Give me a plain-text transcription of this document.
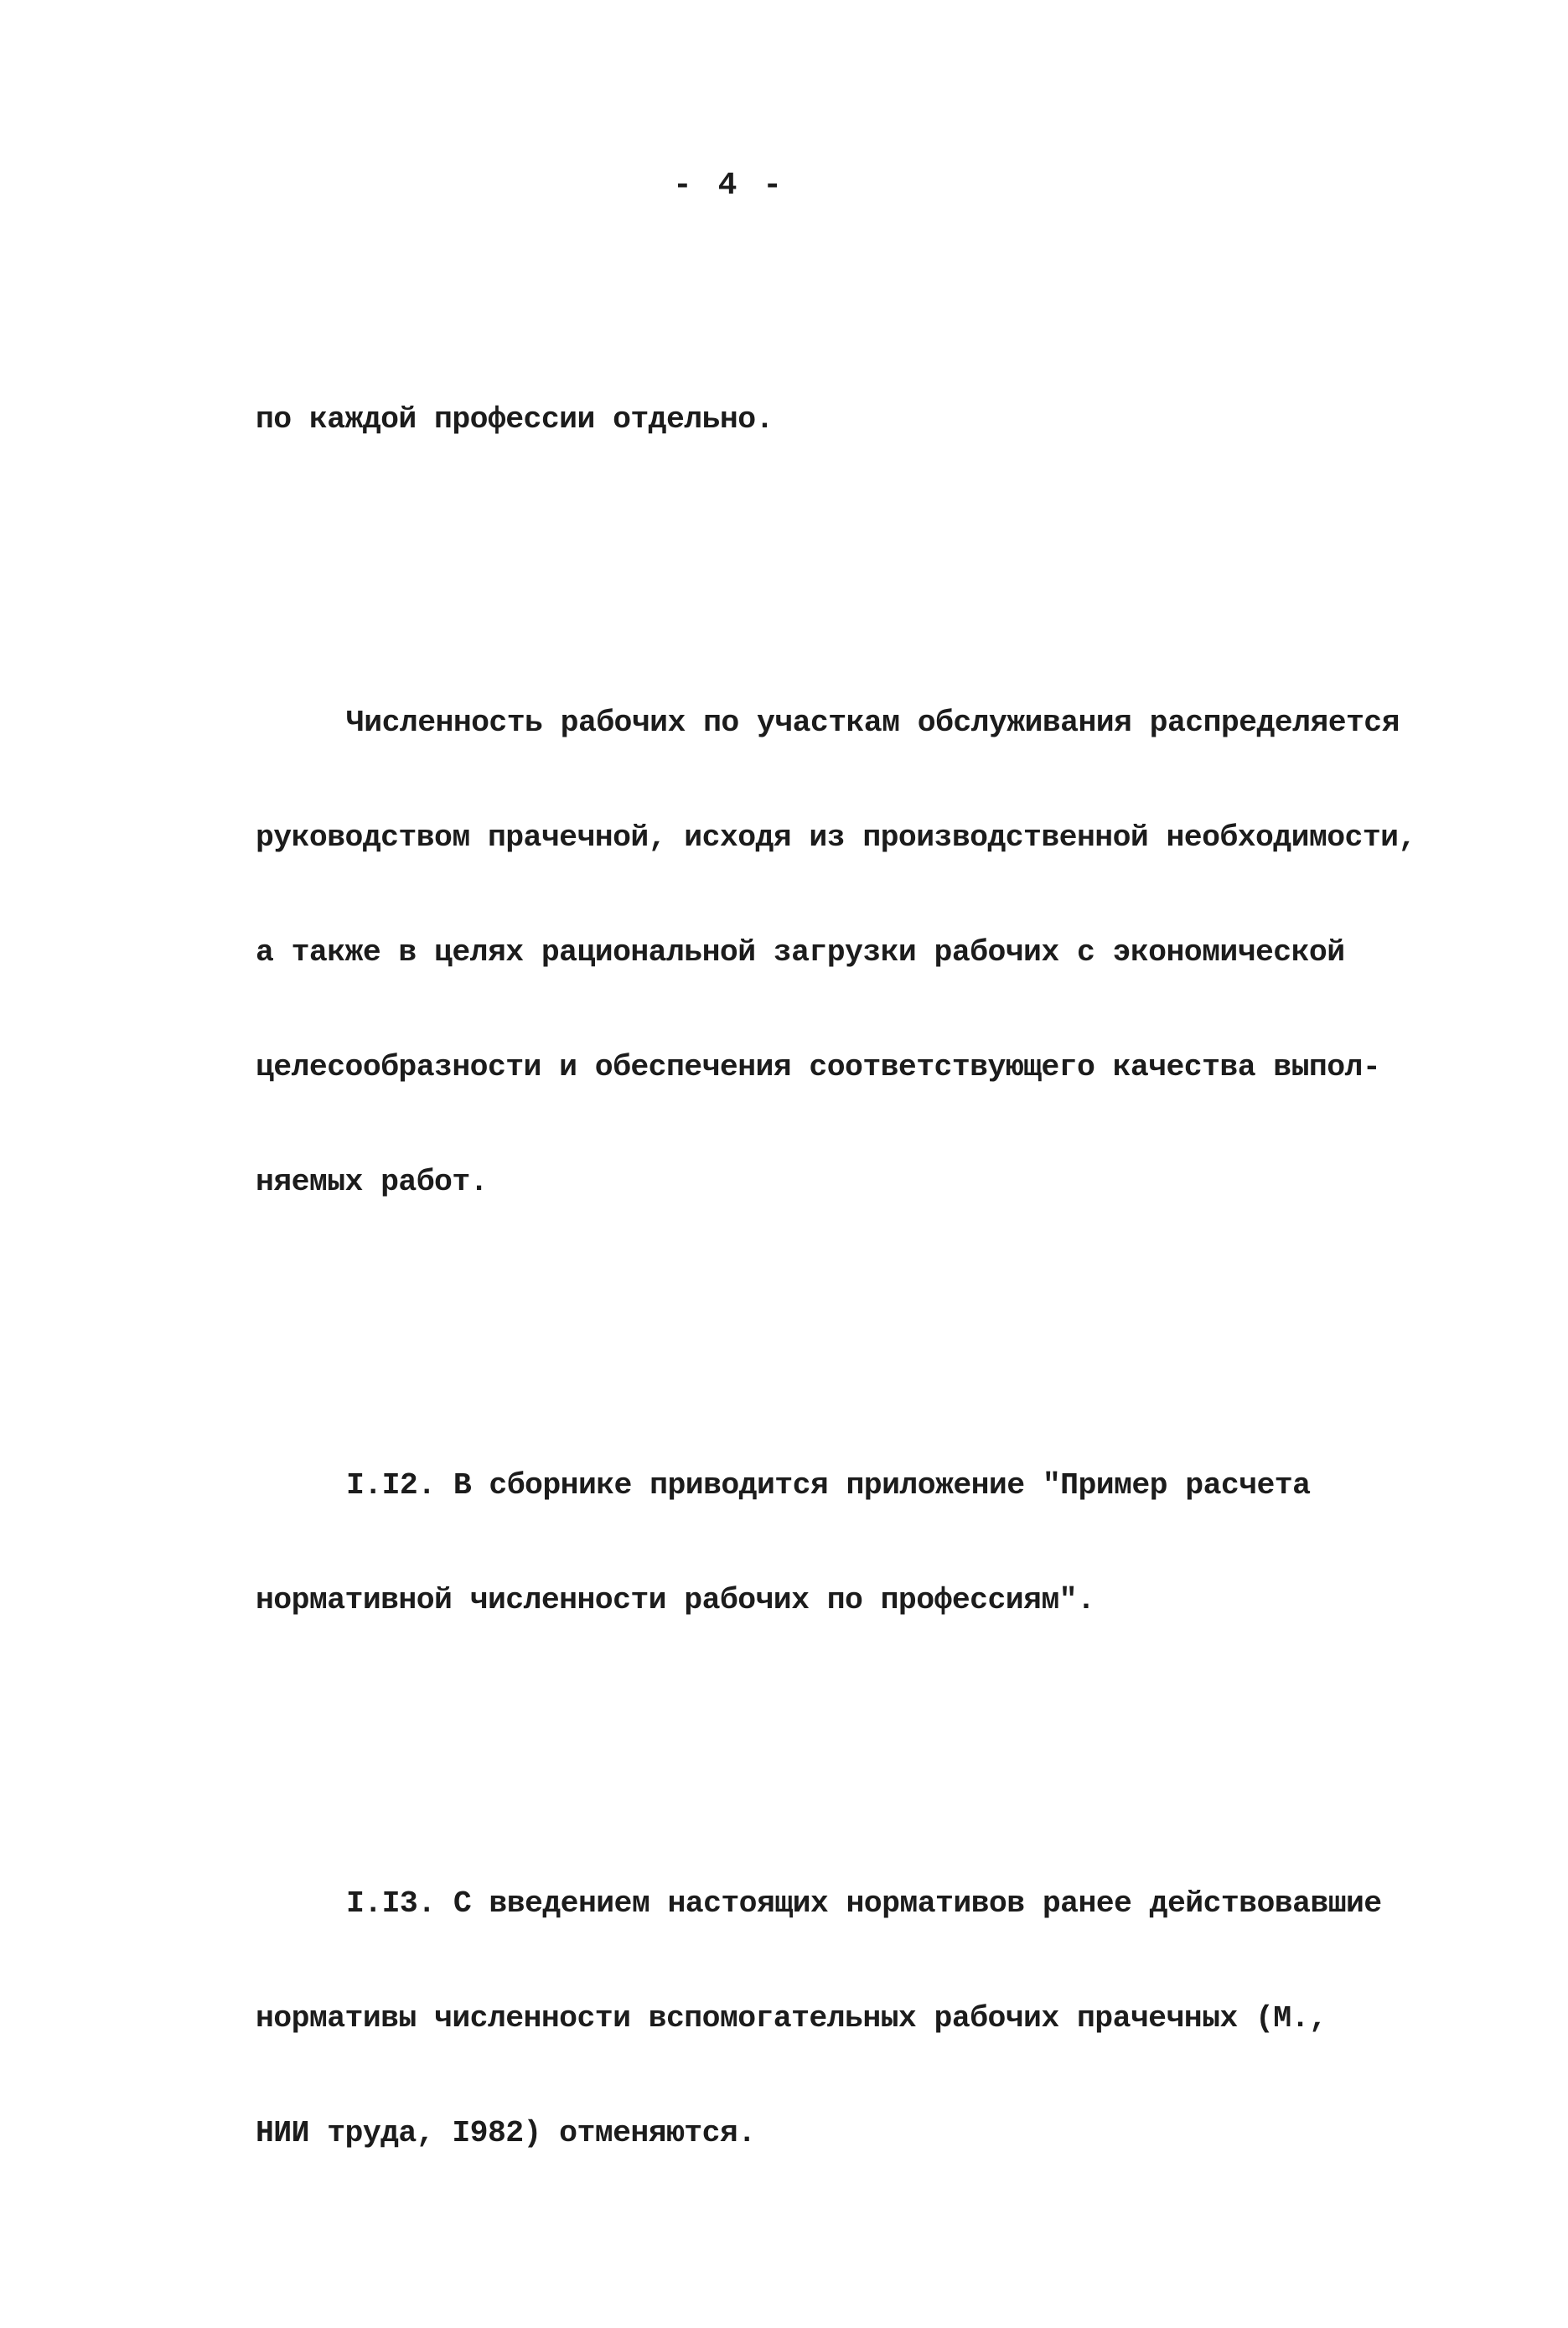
- 4 -

по каждой профессии отдельно.

Численность рабочих по участкам обслуживания распределяется

руководством прачечной, исходя из производственной необходимости,

а также в целях рациональной загрузки рабочих с экономической

целесообразности и обеспечения соответствующего качества выпол-

няемых работ.

I.I2. В сборнике приводится приложение "Пример расчета

нормативной численности рабочих по профессиям".

I.I3. С введением настоящих нормативов ранее действовавшие

нормативы численности вспомогательных рабочих прачечных (М.,

НИИ труда, I982) отменяются.
